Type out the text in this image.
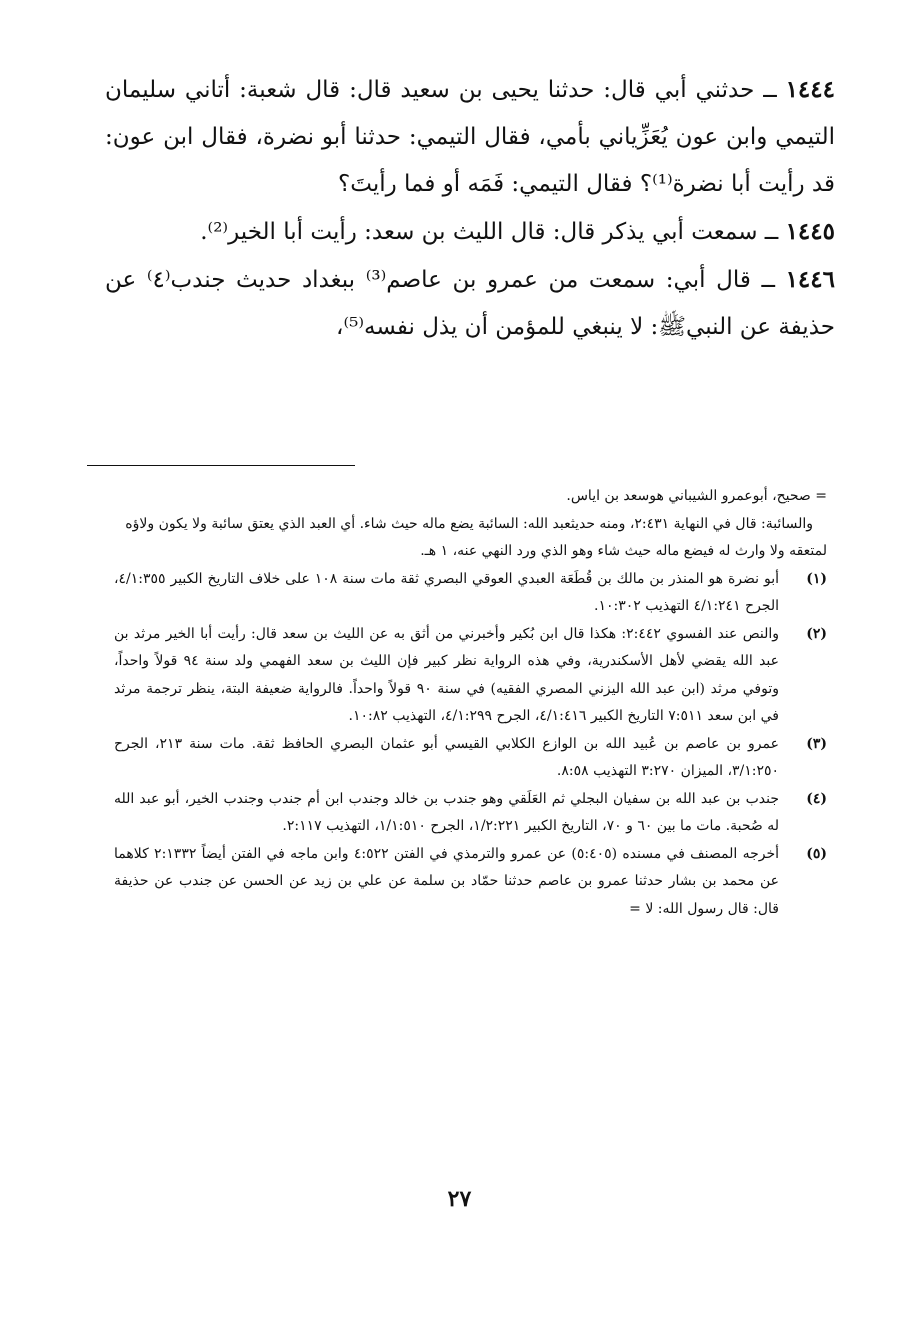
١٤٤٤ ــ حدثني أبي قال: حدثنا يحيى بن سعيد قال: قال شعبة: أتاني سليمان التيمي وابن عون يُعَزِّياني بأمي، فقال التيمي: حدثنا أبو نضرة، فقال ابن عون: قد رأيت أبا نضرة⁽¹⁾؟ فقال التيمي: فَمَه أو فما رأيتَ؟

١٤٤٥ ــ سمعت أبي يذكر قال: قال الليث بن سعد: رأيت أبا الخير⁽²⁾.

١٤٤٦ ــ قال أبي: سمعت من عمرو بن عاصم⁽³⁾ ببغداد حديث جندب⁽٤⁾ عن حذيفة عن النبيﷺ: لا ينبغي للمؤمن أن يذل نفسه⁽⁵⁾،

= صحيح، أبوعمرو الشيباني هوسعد بن اياس.

والسائبة: قال في النهاية ٢:٤٣١، ومنه حديثعبد الله: السائبة يضع ماله حيث شاء. أي العبد الذي يعتق سائبة ولا يكون ولاؤه لمتعقه ولا وارث له فيضع ماله حيث شاء وهو الذي ورد النهي عنه، ١ هـ.

(١)
أبو نضرة هو المنذر بن مالك بن قُطَعَة العبدي العوقي البصري ثقة مات سنة ١٠٨ على خلاف التاريخ الكبير ٤/١:٣٥٥، الجرح ٤/١:٢٤١ التهذيب ١٠:٣٠٢.
(٢)
والنص عند الفسوي ٢:٤٤٢: هكذا قال ابن بُكير وأخبرني من أثق به عن الليث بن سعد قال: رأيت أبا الخير مرثد بن عبد الله يقضي لأهل الأسكندرية، وفي هذه الرواية نظر كبير فإن الليث بن سعد الفهمي ولد سنة ٩٤ قولاً واحداً، وتوفي مرثد (ابن عبد الله اليزني المصري الفقيه) في سنة ٩٠ قولاً واحداً. فالرواية ضعيفة البتة، ينظر ترجمة مرثد في ابن سعد ٧:٥١١ التاريخ الكبير ٤/١:٤١٦، الجرح ٤/١:٢٩٩، التهذيب ١٠:٨٢.
(٣)
عمرو بن عاصم بن عُبيد الله بن الوازع الكلابي القيسي أبو عثمان البصري الحافظ ثقة. مات سنة ٢١٣، الجرح ٣/١:٢٥٠، الميزان ٣:٢٧٠ التهذيب ٨:٥٨.
(٤)
جندب بن عبد الله بن سفيان البجلي ثم العَلَقي وهو جندب بن خالد وجندب ابن أم جندب وجندب الخير، أبو عبد الله له صُحبة. مات ما بين ٦٠ و ٧٠، التاريخ الكبير ١/٢:٢٢١، الجرح ١/١:٥١٠، التهذيب ٢:١١٧.
(٥)
أخرجه المصنف في مسنده (٥:٤٠٥) عن عمرو والترمذي في الفتن ٤:٥٢٢ وابن ماجه في الفتن أيضاً ٢:١٣٣٢ كلاهما عن محمد بن بشار حدثنا عمرو بن عاصم حدثنا حمّاد بن سلمة عن علي بن زيد عن الحسن عن جندب عن حذيفة قال: قال رسول الله: لا =
٢٧
